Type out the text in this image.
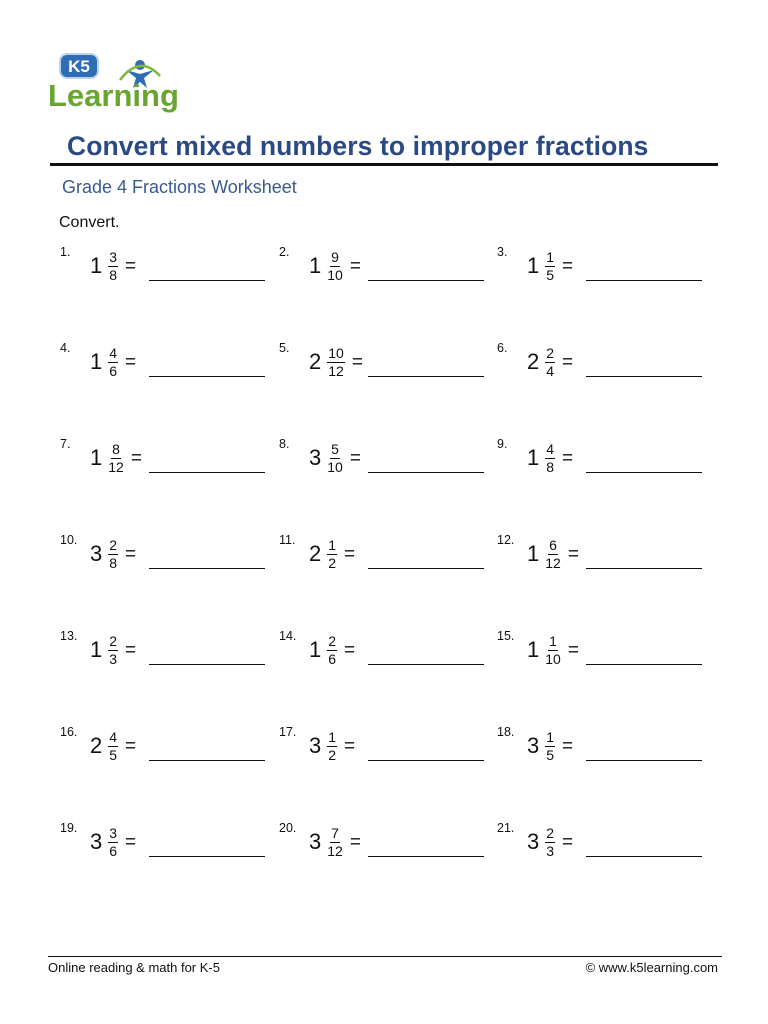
K5
Learning
Convert mixed numbers to improper fractions
Grade 4 Fractions Worksheet
Convert.
1.
$1 \frac{3}{8}$ =
2.
$1 \frac{9}{10}$ =
3.
$1 \frac{1}{5}$ =
4.
$1 \frac{4}{6}$ =
5.
$2 \frac{10}{12}$ =
6.
$2 \frac{2}{4}$ =
7.
$1 \frac{8}{12}$ =
8.
$3 \frac{5}{10}$ =
9.
$1 \frac{4}{8}$ =
10.
$3 \frac{2}{8}$ =
11.
$2 \frac{1}{2}$ =
12.
$1 \frac{6}{12}$ =
13.
$1 \frac{2}{3}$ =
14.
$1 \frac{2}{6}$ =
15.
$1 \frac{1}{10}$ =
16.
$2 \frac{4}{5}$ =
17.
$3 \frac{1}{2}$ =
18.
$3 \frac{1}{5}$ =
19.
$3 \frac{3}{6}$ =
20.
$3 \frac{7}{12}$ =
21.
$3 \frac{2}{3}$ =
Online reading & math for K-5	© www.k5learning.com
